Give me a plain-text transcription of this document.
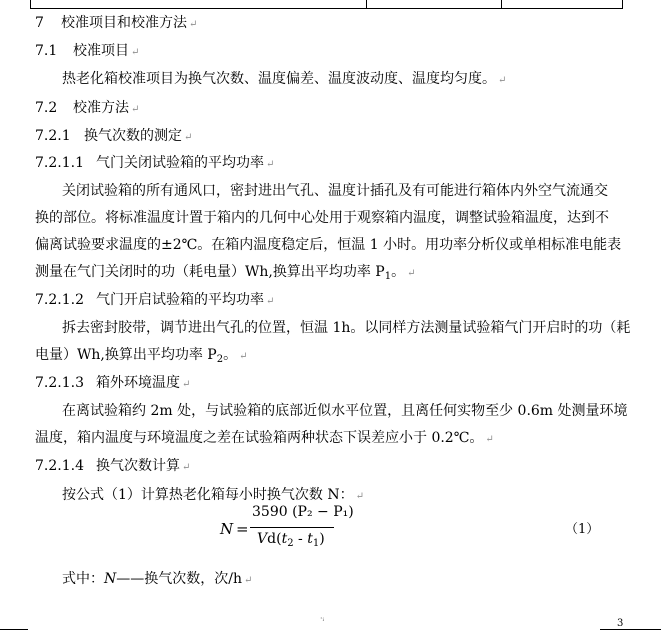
7 校准项目和校准方法 ↵
7.1 校准项目 ↵
热老化箱校准项目为换气次数、温度偏差、温度波动度、温度均匀度。 ↵
7.2 校准方法 ↵
7.2.1 换气次数的测定 ↵
7.2.1.1 气门关闭试验箱的平均功率 ↵
关闭试验箱的所有通风口，密封进出气孔、温度计插孔及有可能进行箱体内外空气流通交
换的部位。将标准温度计置于箱内的几何中心处用于观察箱内温度，调整试验箱温度，达到不
偏离试验要求温度的±2℃。在箱内温度稳定后，恒温 1 小时。用功率分析仪或单相标准电能表
测量在气门关闭时的功（耗电量）Wh,换算出平均功率 $P_1$。 ↵
7.2.1.2 气门开启试验箱的平均功率 ↵
拆去密封胶带，调节进出气孔的位置，恒温 1h。以同样方法测量试验箱气门开启时的功（耗
电量）Wh,换算出平均功率 $P_2$。 ↵
7.2.1.3 箱外环境温度 ↵
在离试验箱约 2m 处，与试验箱的底部近似水平位置，且离任何实物至少 0.6m 处测量环境
温度，箱内温度与环境温度之差在试验箱两种状态下误差应小于 0.2℃。 ↵
7.2.1.4 换气次数计算 ↵
按公式（1）计算热老化箱每小时换气次数 N： ↵
N =
3590 (P₂ − P₁)
$Vd(t_2 - t_1)$
（1）
式中：N——换气次数，次/h ↵
·ᵢ	3
